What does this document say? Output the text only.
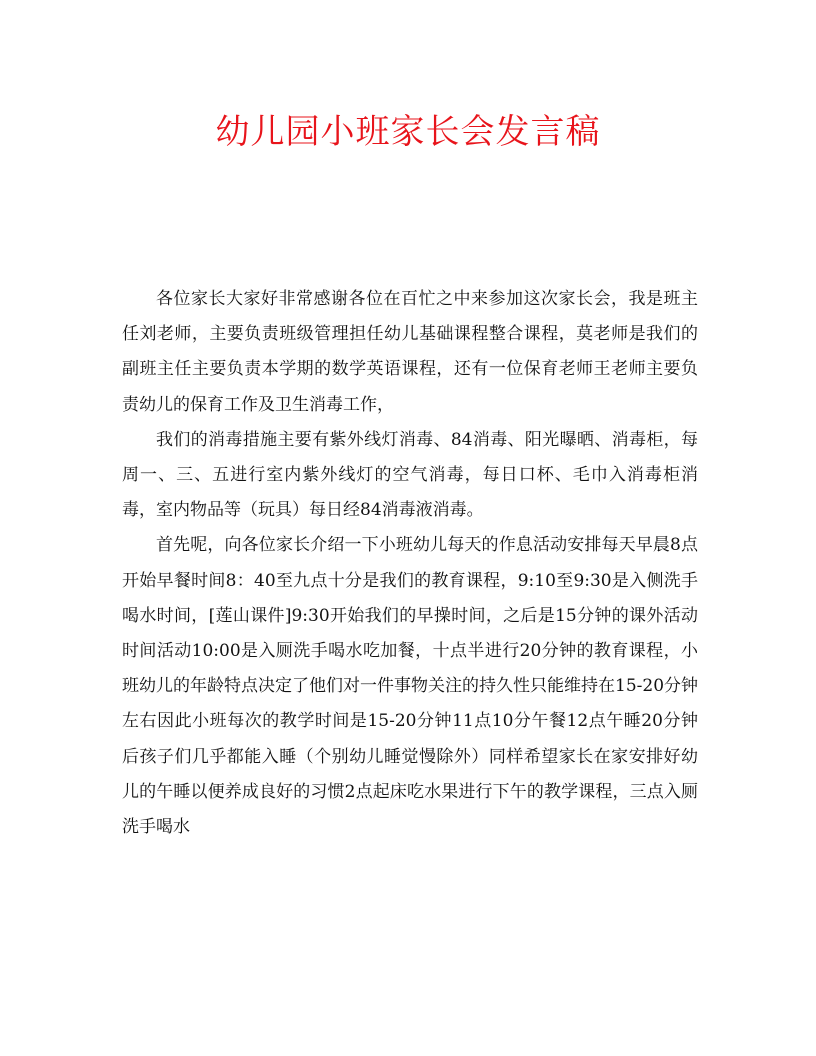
幼儿园小班家长会发言稿

各位家长大家好非常感谢各位在百忙之中来参加这次家长会，我是班主任刘老师，主要负责班级管理担任幼儿基础课程整合课程，莫老师是我们的副班主任主要负责本学期的数学英语课程，还有一位保育老师王老师主要负责幼儿的保育工作及卫生消毒工作，

我们的消毒措施主要有紫外线灯消毒、84消毒、阳光曝晒、消毒柜，每周一、三、五进行室内紫外线灯的空气消毒，每日口杯、毛巾入消毒柜消毒，室内物品等（玩具）每日经84消毒液消毒。

首先呢，向各位家长介绍一下小班幼儿每天的作息活动安排每天早晨8点开始早餐时间8：40至九点十分是我们的教育课程，9:10至9:30是入侧洗手喝水时间，[莲山课件]9:30开始我们的早操时间，之后是15分钟的课外活动时间活动10:00是入厕洗手喝水吃加餐，十点半进行20分钟的教育课程，小班幼儿的年龄特点决定了他们对一件事物关注的持久性只能维持在15-20分钟左右因此小班每次的教学时间是15-20分钟11点10分午餐12点午睡20分钟后孩子们几乎都能入睡（个别幼儿睡觉慢除外）同样希望家长在家安排好幼儿的午睡以便养成良好的习惯2点起床吃水果进行下午的教学课程，三点入厕洗手喝水
